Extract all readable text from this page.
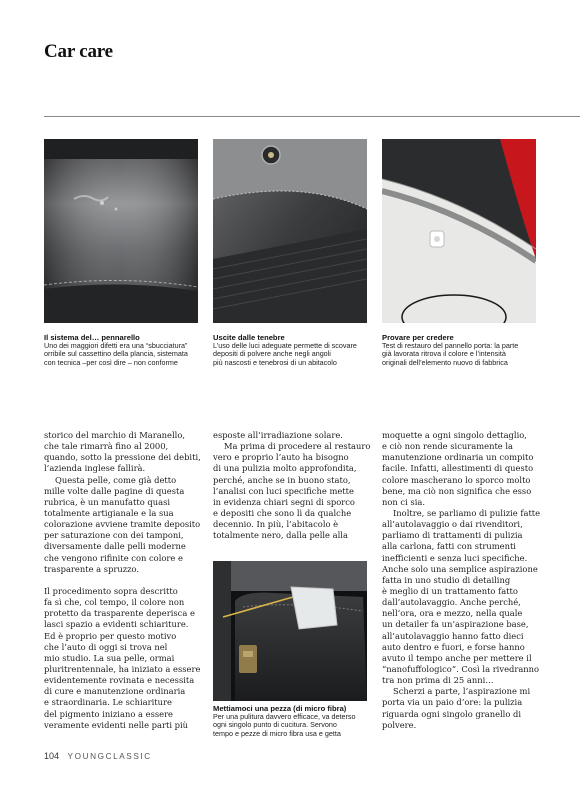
Car care
Il sistema del… pennarello
Uno dei maggiori difetti era una “sbucciatura”
orribile sul cassettino della plancia, sistemata
con tecnica –per così dire – non conforme
Uscite dalle tenebre
L’uso delle luci adeguate permette di scovare
depositi di polvere anche negli angoli
più nascosti e tenebrosi di un abitacolo
Provare per credere
Test di restauro del pannello porta: la parte
già lavorata ritrova il colore e l’intensità
originali dell’elemento nuovo di fabbrica
Mettiamoci una pezza (di micro fibra)
Per una pulitura davvero efficace, va deterso
ogni singolo punto di cucitura. Servono
tempo e pezze di micro fibra usa e getta
storico del marchio di Maranello,
che tale rimarrà fino al 2000,
quando, sotto la pressione dei debiti,
l’azienda inglese fallirà.
Questa pelle, come già detto
mille volte dalle pagine di questa
rubrica, è un manufatto quasi
totalmente artigianale e la sua
colorazione avviene tramite deposito
per saturazione con dei tamponi,
diversamente dalle pelli moderne
che vengono rifinite con colore e
trasparente a spruzzo.
Il procedimento sopra descritto
fa sì che, col tempo, il colore non
protetto da trasparente deperisca e
lasci spazio a evidenti schiariture.
Ed è proprio per questo motivo
che l’auto di oggi si trova nel
mio studio. La sua pelle, ormai
pluritrentennale, ha iniziato a essere
evidentemente rovinata e necessita
di cure e manutenzione ordinaria
e straordinaria. Le schiariture
del pigmento iniziano a essere
veramente evidenti nelle parti più
esposte all’irradiazione solare.
Ma prima di procedere al restauro
vero e proprio l’auto ha bisogno
di una pulizia molto approfondita,
perché, anche se in buono stato,
l’analisi con luci specifiche mette
in evidenza chiari segni di sporco
e depositi che sono lì da qualche
decennio. In più, l’abitacolo è
totalmente nero, dalla pelle alla
moquette a ogni singolo dettaglio,
e ciò non rende sicuramente la
manutenzione ordinaria un compito
facile. Infatti, allestimenti di questo
colore mascherano lo sporco molto
bene, ma ciò non significa che esso
non ci sia.
Inoltre, se parliamo di pulizie fatte
all’autolavaggio o dai rivenditori,
parliamo di trattamenti di pulizia
alla carlona, fatti con strumenti
inefficienti e senza luci specifiche.
Anche solo una semplice aspirazione
fatta in uno studio di detailing
è meglio di un trattamento fatto
dall’autolavaggio. Anche perché,
nell’ora, ora e mezzo, nella quale
un detailer fa un’aspirazione base,
all’autolavaggio hanno fatto dieci
auto dentro e fuori, e forse hanno
avuto il tempo anche per mettere il
“nanofuffologico”. Così la rivedranno
tra non prima di 25 anni…
Scherzi a parte, l’aspirazione mi
porta via un paio d’ore: la pulizia
riguarda ogni singolo granello di
polvere.
104 YOUNGCLASSIC
